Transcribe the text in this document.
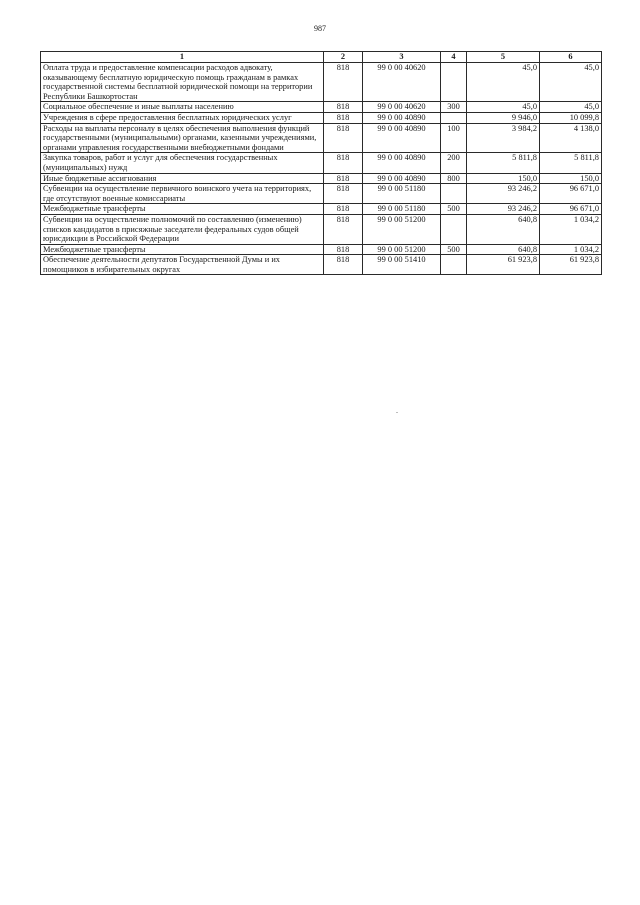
987
1	2	3	4	5	6
Оплата труда и предоставление компенсации расходов адвокату, оказывающему бесплатную юридическую помощь гражданам в рамках государственной системы бесплатной юридической помощи на территории Республики Башкортостан	818	99 0 00 40620		45,0	45,0
Социальное обеспечение и иные выплаты населению	818	99 0 00 40620	300	45,0	45,0
Учреждения в сфере предоставления бесплатных юридических услуг	818	99 0 00 40890		9 946,0	10 099,8
Расходы на выплаты персоналу в целях обеспечения выполнения функций государственными (муниципальными) органами, казенными учреждениями, органами управления государственными внебюджетными фондами	818	99 0 00 40890	100	3 984,2	4 138,0
Закупка товаров, работ и услуг для обеспечения государственных (муниципальных) нужд	818	99 0 00 40890	200	5 811,8	5 811,8
Иные бюджетные ассигнования	818	99 0 00 40890	800	150,0	150,0
Субвенции на осуществление первичного воинского учета на территориях, где отсутствуют военные комиссариаты	818	99 0 00 51180		93 246,2	96 671,0
Межбюджетные трансферты	818	99 0 00 51180	500	93 246,2	96 671,0
Субвенции на осуществление полномочий по составлению (изменению) списков кандидатов в присяжные заседатели федеральных судов общей юрисдикции в Российской Федерации	818	99 0 00 51200		640,8	1 034,2
Межбюджетные трансферты	818	99 0 00 51200	500	640,8	1 034,2
Обеспечение деятельности депутатов Государственной Думы и их помощников в избирательных округах	818	99 0 00 51410		61 923,8	61 923,8
